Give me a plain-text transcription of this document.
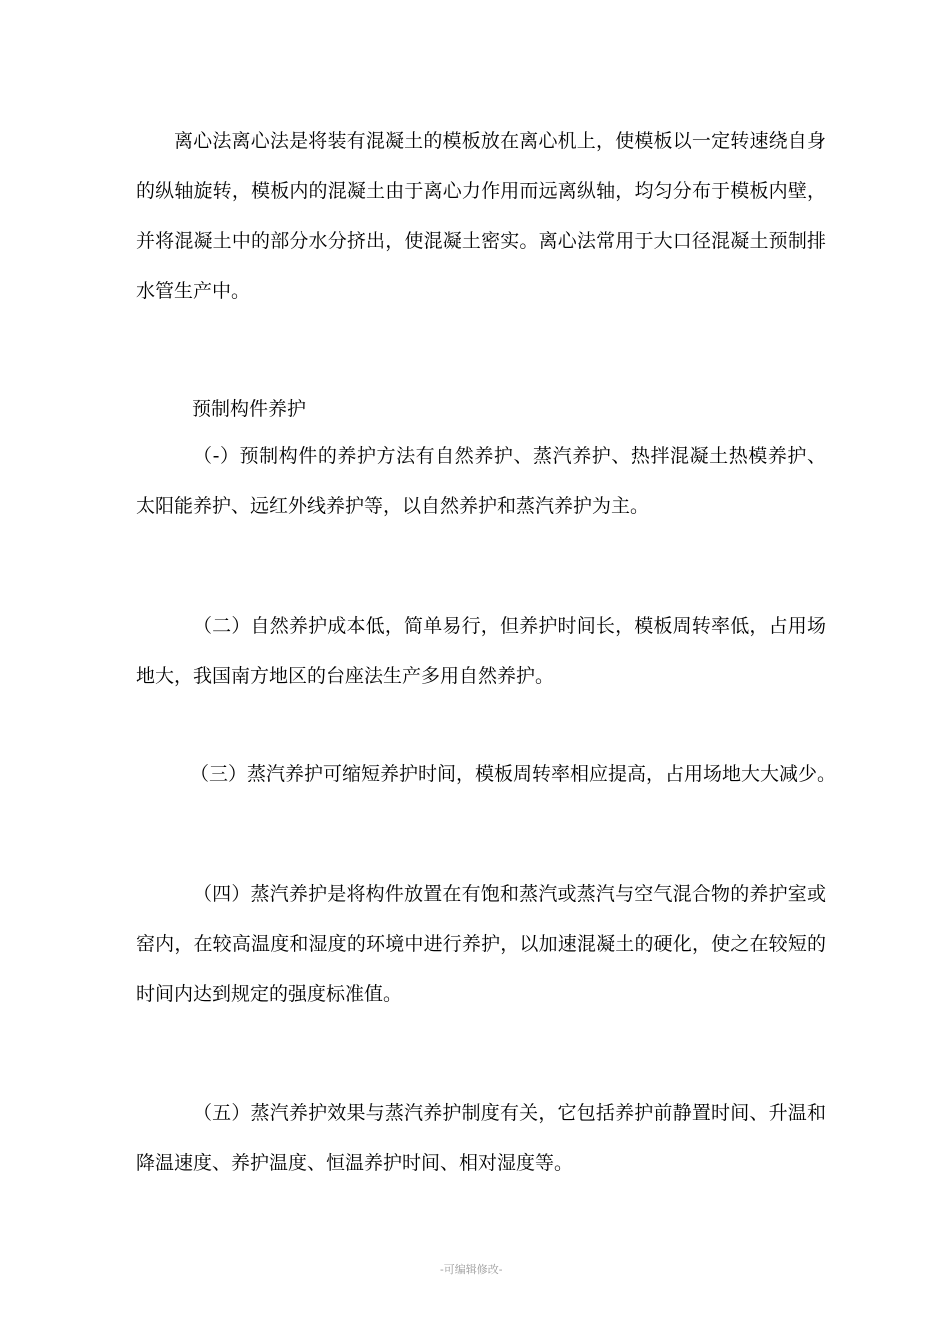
离心法离心法是将装有混凝土的模板放在离心机上，使模板以一定转速绕自身的纵轴旋转，模板内的混凝土由于离心力作用而远离纵轴，均匀分布于模板内壁，并将混凝土中的部分水分挤出，使混凝土密实。离心法常用于大口径混凝土预制排水管生产中。

预制构件养护

（-）预制构件的养护方法有自然养护、蒸汽养护、热拌混凝土热模养护、太阳能养护、远红外线养护等，以自然养护和蒸汽养护为主。

（二）自然养护成本低，简单易行，但养护时间长，模板周转率低，占用场地大，我国南方地区的台座法生产多用自然养护。

（三）蒸汽养护可缩短养护时间，模板周转率相应提高，占用场地大大减少。

（四）蒸汽养护是将构件放置在有饱和蒸汽或蒸汽与空气混合物的养护室或窑内，在较高温度和湿度的环境中进行养护，以加速混凝土的硬化，使之在较短的时间内达到规定的强度标准值。

（五）蒸汽养护效果与蒸汽养护制度有关，它包括养护前静置时间、升温和降温速度、养护温度、恒温养护时间、相对湿度等。

-可编辑修改-
